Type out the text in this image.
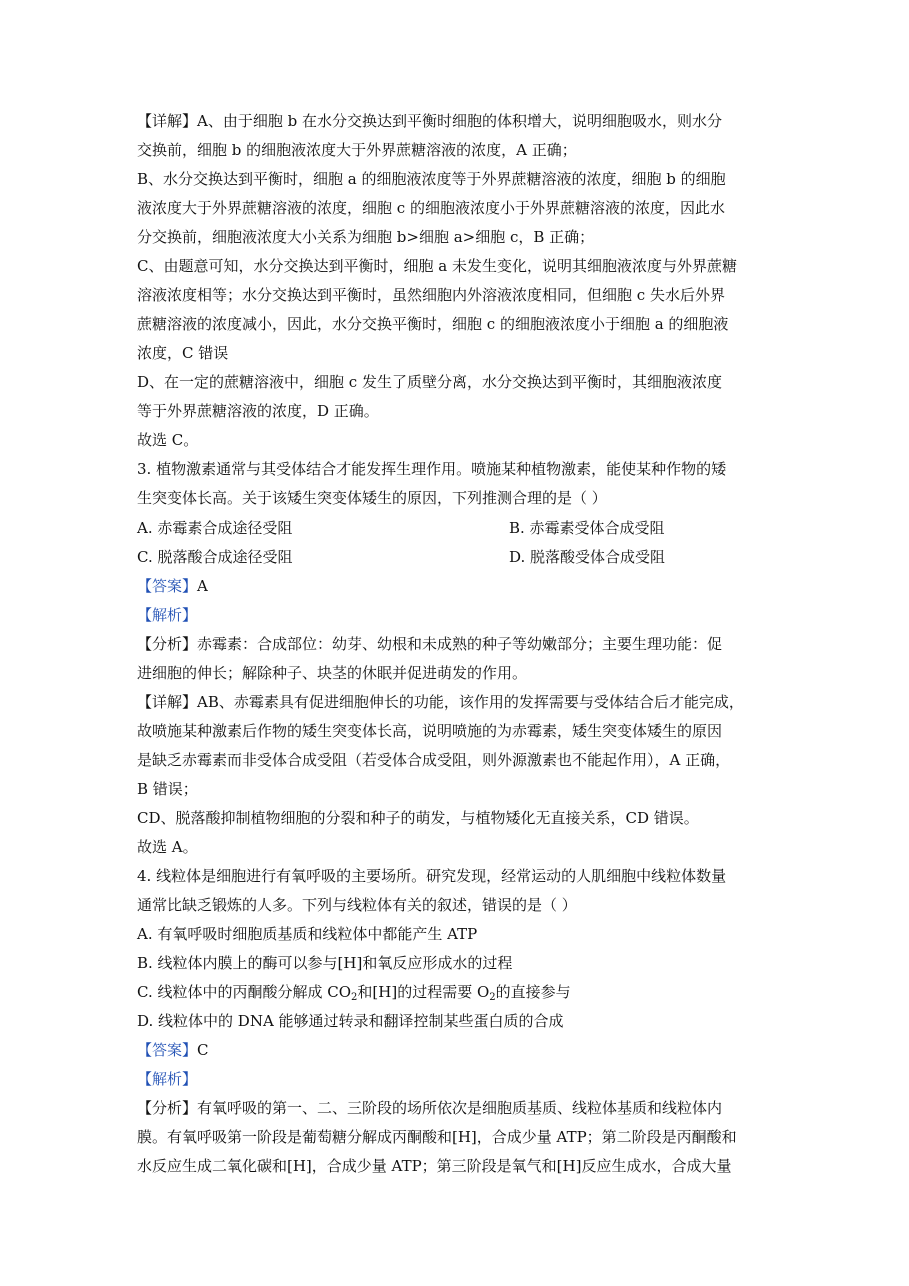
【详解】A、由于细胞 b 在水分交换达到平衡时细胞的体积增大，说明细胞吸水，则水分
交换前，细胞 b 的细胞液浓度大于外界蔗糖溶液的浓度，A 正确；
B、水分交换达到平衡时，细胞 a 的细胞液浓度等于外界蔗糖溶液的浓度，细胞 b 的细胞
液浓度大于外界蔗糖溶液的浓度，细胞 c 的细胞液浓度小于外界蔗糖溶液的浓度，因此水
分交换前，细胞液浓度大小关系为细胞 b>细胞 a>细胞 c，B 正确；
C、由题意可知，水分交换达到平衡时，细胞 a 未发生变化，说明其细胞液浓度与外界蔗糖
溶液浓度相等；水分交换达到平衡时，虽然细胞内外溶液浓度相同，但细胞 c 失水后外界
蔗糖溶液的浓度减小，因此，水分交换平衡时，细胞 c 的细胞液浓度小于细胞 a 的细胞液
浓度，C 错误
D、在一定的蔗糖溶液中，细胞 c 发生了质壁分离，水分交换达到平衡时，其细胞液浓度
等于外界蔗糖溶液的浓度，D 正确。
故选 C。
3. 植物激素通常与其受体结合才能发挥生理作用。喷施某种植物激素，能使某种作物的矮
生突变体长高。关于该矮生突变体矮生的原因，下列推测合理的是（ ）
A. 赤霉素合成途径受阻	B. 赤霉素受体合成受阻
C. 脱落酸合成途径受阻	D. 脱落酸受体合成受阻
【答案】A
【解析】
【分析】赤霉素：合成部位：幼芽、幼根和未成熟的种子等幼嫩部分；主要生理功能：促
进细胞的伸长；解除种子、块茎的休眠并促进萌发的作用。
【详解】AB、赤霉素具有促进细胞伸长的功能，该作用的发挥需要与受体结合后才能完成，
故喷施某种激素后作物的矮生突变体长高，说明喷施的为赤霉素，矮生突变体矮生的原因
是缺乏赤霉素而非受体合成受阻（若受体合成受阻，则外源激素也不能起作用），A 正确，
B 错误；
CD、脱落酸抑制植物细胞的分裂和种子的萌发，与植物矮化无直接关系，CD 错误。
故选 A。
4. 线粒体是细胞进行有氧呼吸的主要场所。研究发现，经常运动的人肌细胞中线粒体数量
通常比缺乏锻炼的人多。下列与线粒体有关的叙述，错误的是（ ）
A. 有氧呼吸时细胞质基质和线粒体中都能产生 ATP
B. 线粒体内膜上的酶可以参与[H]和氧反应形成水的过程
C. 线粒体中的丙酮酸分解成 $CO_2$和[H]的过程需要 $O_2$的直接参与
D. 线粒体中的 DNA 能够通过转录和翻译控制某些蛋白质的合成
【答案】C
【解析】
【分析】有氧呼吸的第一、二、三阶段的场所依次是细胞质基质、线粒体基质和线粒体内
膜。有氧呼吸第一阶段是葡萄糖分解成丙酮酸和[H]，合成少量 ATP；第二阶段是丙酮酸和
水反应生成二氧化碳和[H]，合成少量 ATP；第三阶段是氧气和[H]反应生成水，合成大量
